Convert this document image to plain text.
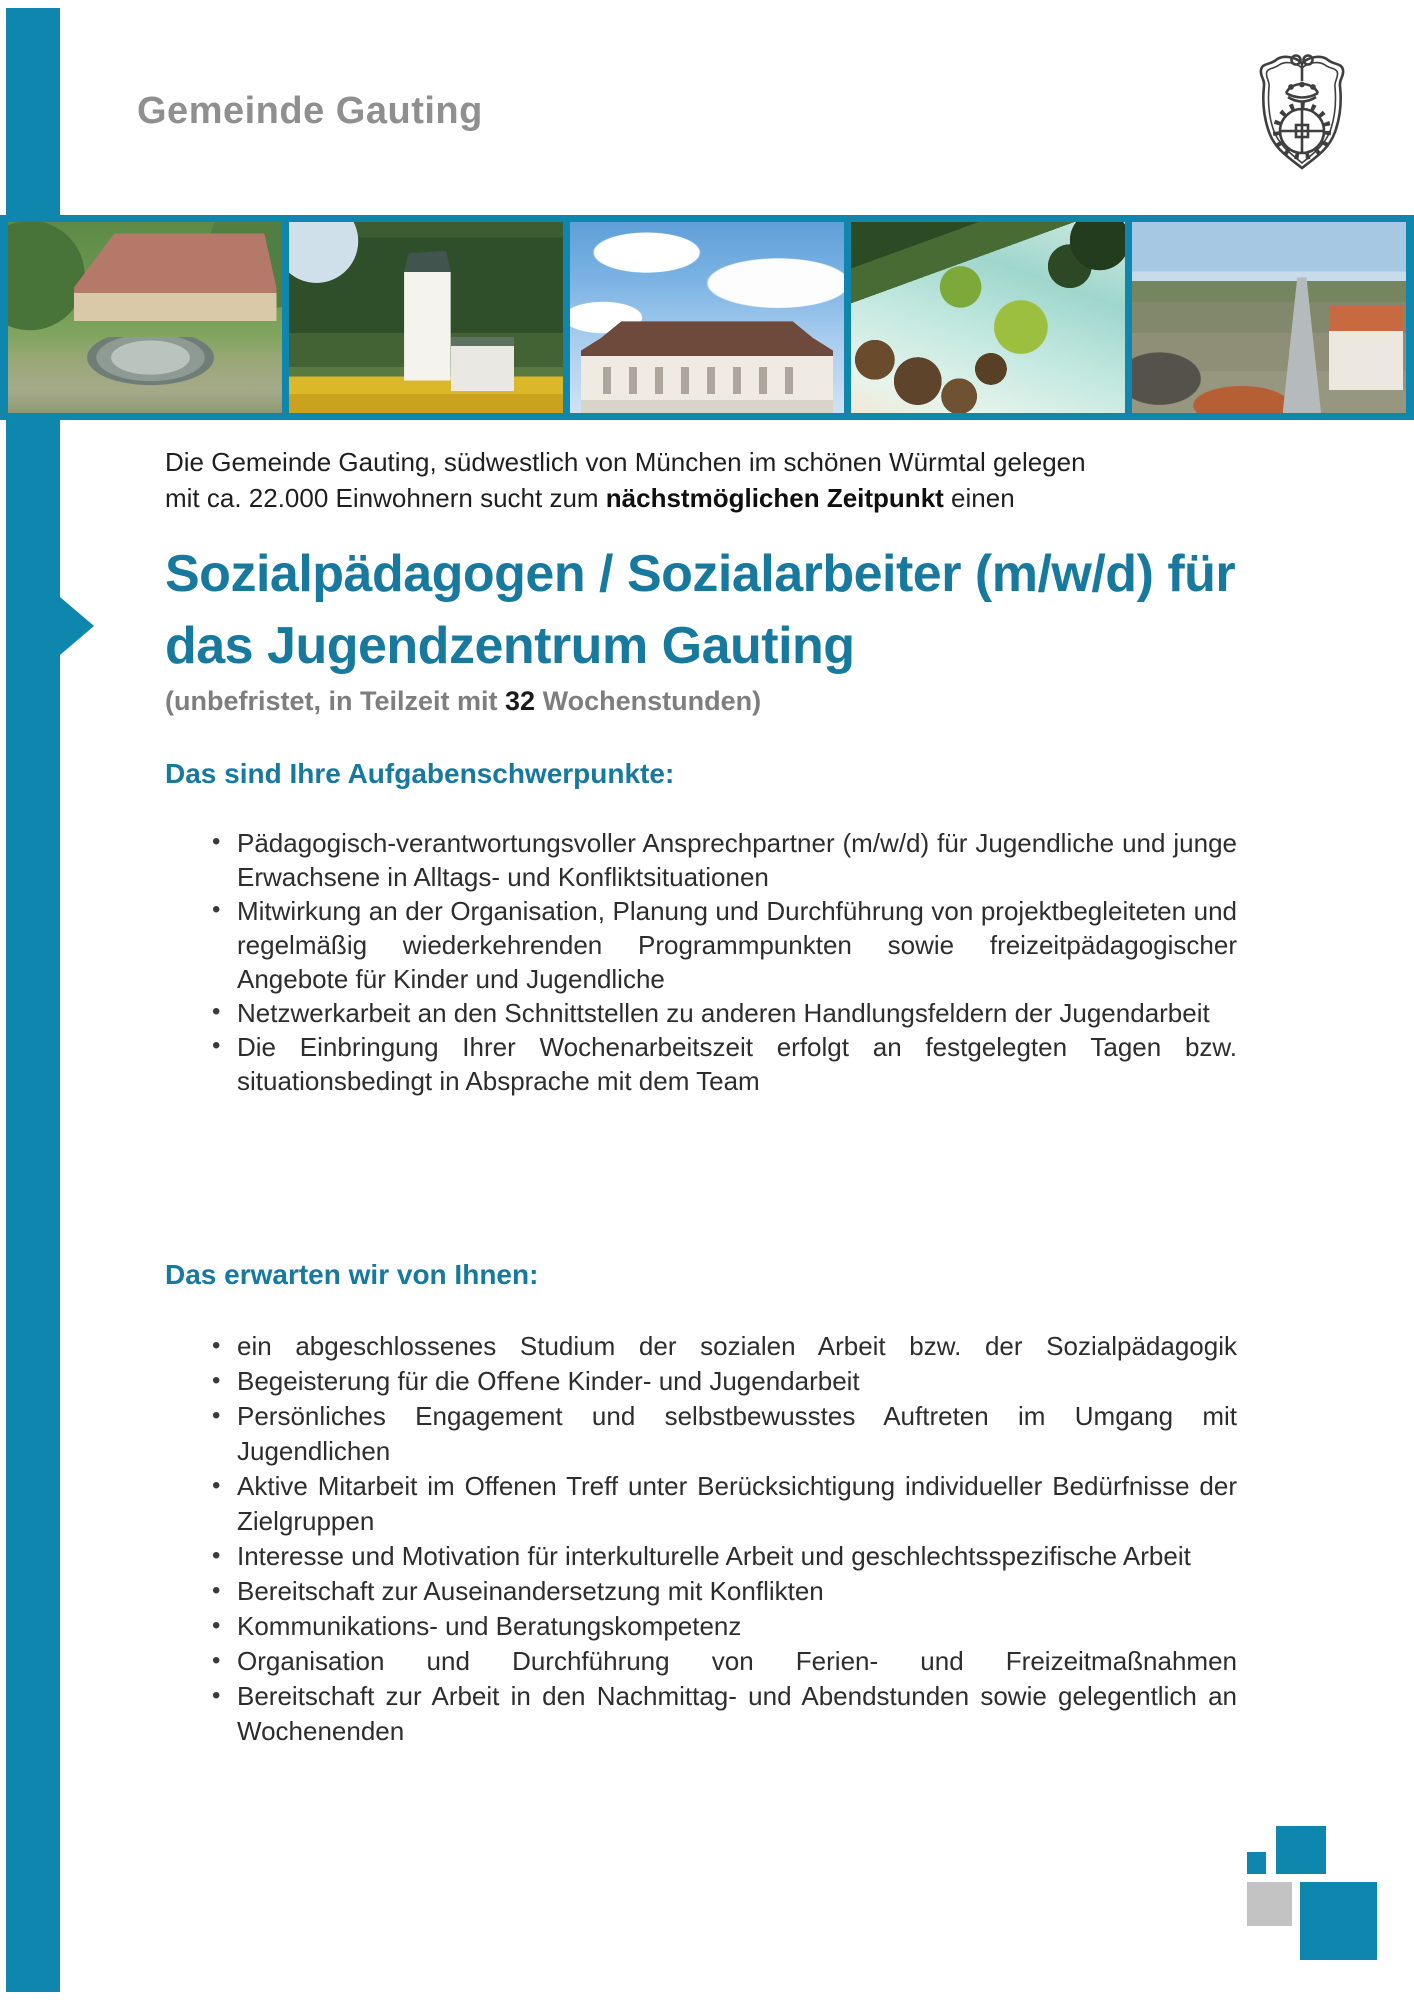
Gemeinde Gauting

Die Gemeinde Gauting, südwestlich von München im schönen Würmtal gelegen
mit ca. 22.000 Einwohnern sucht zum nächstmöglichen Zeitpunkt einen

Sozialpädagogen / Sozialarbeiter (m/w/d) für
das Jugendzentrum Gauting

(unbefristet, in Teilzeit mit 32 Wochenstunden)

Das sind Ihre Aufgabenschwerpunkte:
• Pädagogisch-verantwortungsvoller Ansprechpartner (m/w/d) für Jugendliche und junge Erwachsene in Alltags- und Konfliktsituationen
• Mitwirkung an der Organisation, Planung und Durchführung von projektbegleiteten und regelmäßig wiederkehrenden Programmpunkten sowie freizeitpädagogischer Angebote für Kinder und Jugendliche
• Netzwerkarbeit an den Schnittstellen zu anderen Handlungsfeldern der Jugendarbeit
• Die Einbringung Ihrer Wochenarbeitszeit erfolgt an festgelegten Tagen bzw. situationsbedingt in Absprache mit dem Team
Das erwarten wir von Ihnen:
• ein abgeschlossenes Studium der sozialen Arbeit bzw. der Sozialpädagogik
• Begeisterung für die Offene Kinder- und Jugendarbeit
• Persönliches Engagement und selbstbewusstes Auftreten im Umgang mit Jugendlichen
• Aktive Mitarbeit im Offenen Treff unter Berücksichtigung individueller Bedürfnisse der Zielgruppen
• Interesse und Motivation für interkulturelle Arbeit und geschlechtsspezifische Arbeit
• Bereitschaft zur Auseinandersetzung mit Konflikten
• Kommunikations- und Beratungskompetenz
• Organisation und Durchführung von Ferien- und Freizeitmaßnahmen
• Bereitschaft zur Arbeit in den Nachmittag- und Abendstunden sowie gelegentlich an Wochenenden
